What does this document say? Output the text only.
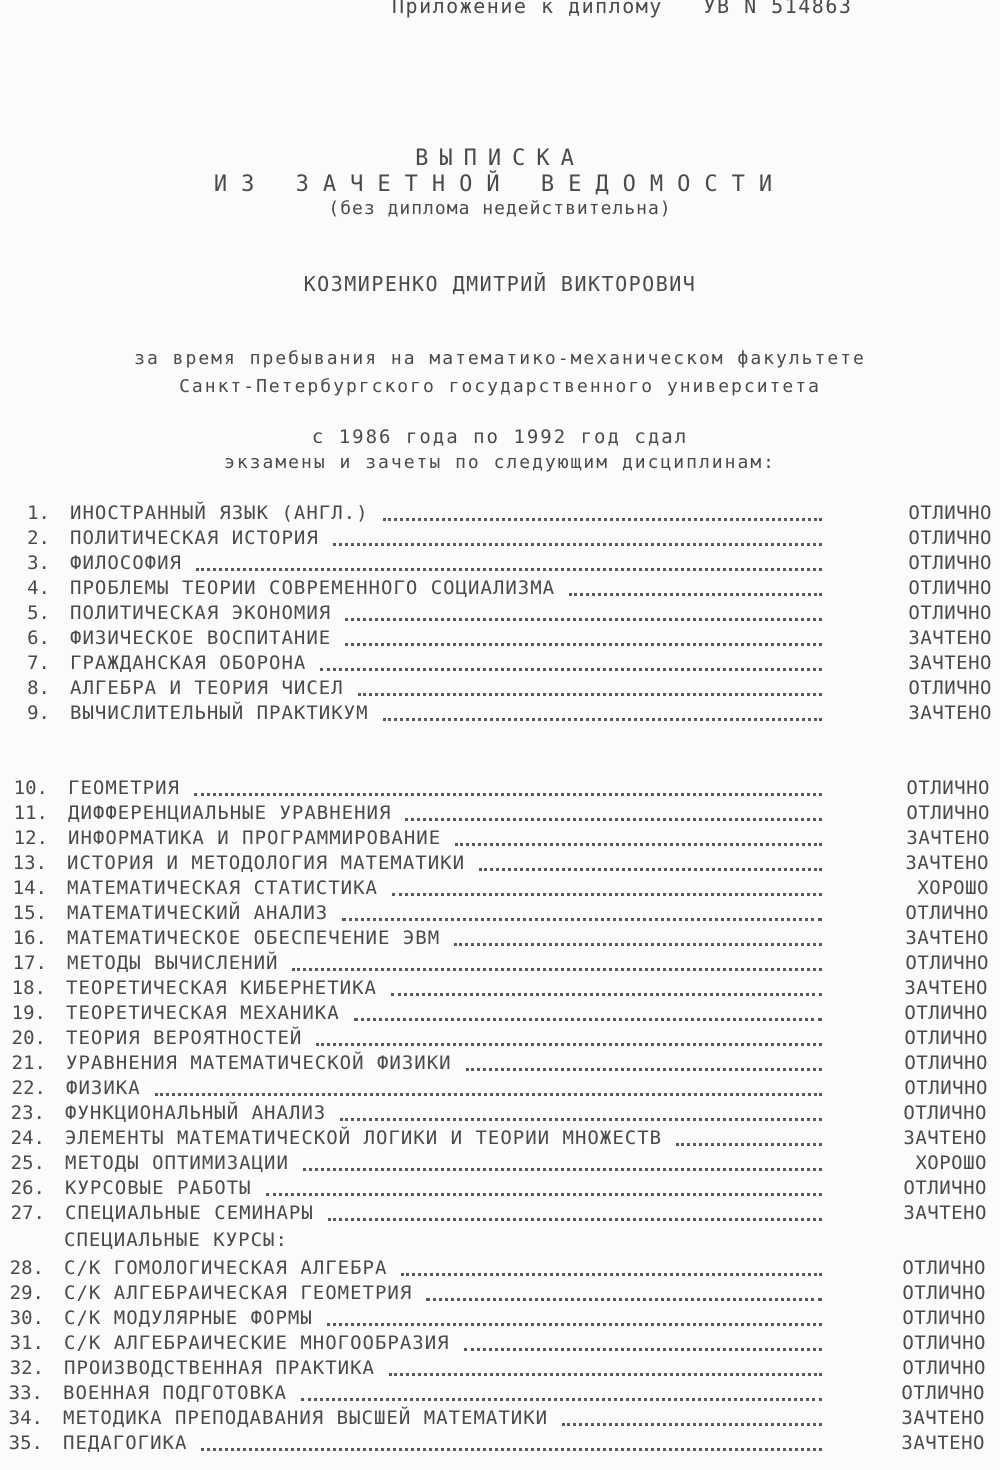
Приложение к диплому   УВ N 514863
ВЫПИСКА
ИЗ ЗАЧЕТНОЙ ВЕДОМОСТИ
(без диплома недействительна)
КОЗМИРЕНКО ДМИТРИЙ ВИКТОРОВИЧ
за время пребывания на математико-механическом факультете
Санкт-Петербургского государственного университета
с 1986 года по 1992 год сдал
экзамены и зачеты по следующим дисциплинам:
1. ИНОСТРАННЫЙ ЯЗЫК (АНГЛ.)	ОТЛИЧНО
2. ПОЛИТИЧЕСКАЯ ИСТОРИЯ	ОТЛИЧНО
3. ФИЛОСОФИЯ	ОТЛИЧНО
4. ПРОБЛЕМЫ ТЕОРИИ СОВРЕМЕННОГО СОЦИАЛИЗМА	ОТЛИЧНО
5. ПОЛИТИЧЕСКАЯ ЭКОНОМИЯ	ОТЛИЧНО
6. ФИЗИЧЕСКОЕ ВОСПИТАНИЕ	ЗАЧТЕНО
7. ГРАЖДАНСКАЯ ОБОРОНА	ЗАЧТЕНО
8. АЛГЕБРА И ТЕОРИЯ ЧИСЕЛ	ОТЛИЧНО
9. ВЫЧИСЛИТЕЛЬНЫЙ ПРАКТИКУМ	ЗАЧТЕНО
10. ГЕОМЕТРИЯ	ОТЛИЧНО
11. ДИФФЕРЕНЦИАЛЬНЫЕ УРАВНЕНИЯ	ОТЛИЧНО
12. ИНФОРМАТИКА И ПРОГРАММИРОВАНИЕ	ЗАЧТЕНО
13. ИСТОРИЯ И МЕТОДОЛОГИЯ МАТЕМАТИКИ	ЗАЧТЕНО
14. МАТЕМАТИЧЕСКАЯ СТАТИСТИКА	ХОРОШО
15. МАТЕМАТИЧЕСКИЙ АНАЛИЗ	ОТЛИЧНО
16. МАТЕМАТИЧЕСКОЕ ОБЕСПЕЧЕНИЕ ЭВМ	ЗАЧТЕНО
17. МЕТОДЫ ВЫЧИСЛЕНИЙ	ОТЛИЧНО
18. ТЕОРЕТИЧЕСКАЯ КИБЕРНЕТИКА	ЗАЧТЕНО
19. ТЕОРЕТИЧЕСКАЯ МЕХАНИКА	ОТЛИЧНО
20. ТЕОРИЯ ВЕРОЯТНОСТЕЙ	ОТЛИЧНО
21. УРАВНЕНИЯ МАТЕМАТИЧЕСКОЙ ФИЗИКИ	ОТЛИЧНО
22. ФИЗИКА	ОТЛИЧНО
23. ФУНКЦИОНАЛЬНЫЙ АНАЛИЗ	ОТЛИЧНО
24. ЭЛЕМЕНТЫ МАТЕМАТИЧЕСКОЙ ЛОГИКИ И ТЕОРИИ МНОЖЕСТВ	ЗАЧТЕНО
25. МЕТОДЫ ОПТИМИЗАЦИИ	ХОРОШО
26. КУРСОВЫЕ РАБОТЫ	ОТЛИЧНО
27. СПЕЦИАЛЬНЫЕ СЕМИНАРЫ	ЗАЧТЕНО
28. С/К ГОМОЛОГИЧЕСКАЯ АЛГЕБРА	ОТЛИЧНО
29. С/К АЛГЕБРАИЧЕСКАЯ ГЕОМЕТРИЯ	ОТЛИЧНО
30. С/К МОДУЛЯРНЫЕ ФОРМЫ	ОТЛИЧНО
31. С/К АЛГЕБРАИЧЕСКИЕ МНОГООБРАЗИЯ	ОТЛИЧНО
32. ПРОИЗВОДСТВЕННАЯ ПРАКТИКА	ОТЛИЧНО
33. ВОЕННАЯ ПОДГОТОВКА	ОТЛИЧНО
34. МЕТОДИКА ПРЕПОДАВАНИЯ ВЫСШЕЙ МАТЕМАТИКИ	ЗАЧТЕНО
35. ПЕДАГОГИКА	ЗАЧТЕНО
СПЕЦИАЛЬНЫЕ КУРСЫ:
